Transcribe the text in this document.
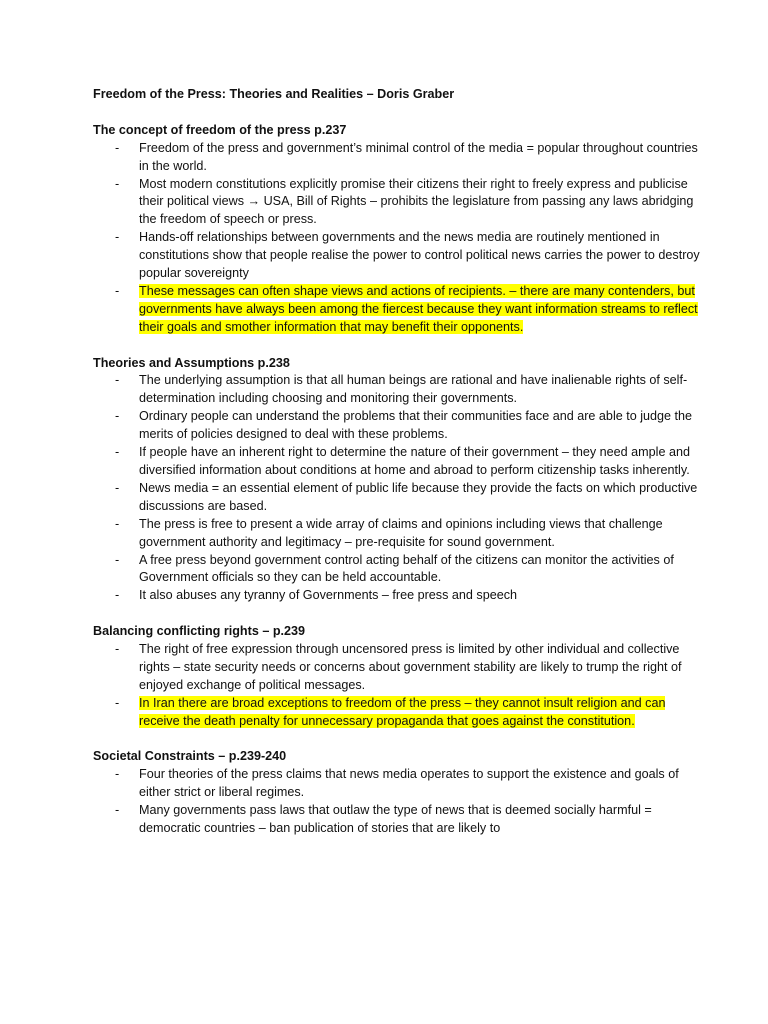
Freedom of the Press: Theories and Realities – Doris Graber
The concept of freedom of the press p.237
- Freedom of the press and government’s minimal control of the media = popular throughout countries in the world.
- Most modern constitutions explicitly promise their citizens their right to freely express and publicise their political views → USA, Bill of Rights – prohibits the legislature from passing any laws abridging the freedom of speech or press.
- Hands-off relationships between governments and the news media are routinely mentioned in constitutions show that people realise the power to control political news carries the power to destroy popular sovereignty
- These messages can often shape views and actions of recipients. – there are many contenders, but governments have always been among the fiercest because they want information streams to reflect their goals and smother information that may benefit their opponents.
Theories and Assumptions p.238
- The underlying assumption is that all human beings are rational and have inalienable rights of self-determination including choosing and monitoring their governments.
- Ordinary people can understand the problems that their communities face and are able to judge the merits of policies designed to deal with these problems.
- If people have an inherent right to determine the nature of their government – they need ample and diversified information about conditions at home and abroad to perform citizenship tasks inherently.
- News media = an essential element of public life because they provide the facts on which productive discussions are based.
- The press is free to present a wide array of claims and opinions including views that challenge government authority and legitimacy – pre-requisite for sound government.
- A free press beyond government control acting behalf of the citizens can monitor the activities of Government officials so they can be held accountable.
- It also abuses any tyranny of Governments – free press and speech
Balancing conflicting rights – p.239
- The right of free expression through uncensored press is limited by other individual and collective rights – state security needs or concerns about government stability are likely to trump the right of enjoyed exchange of political messages.
- In Iran there are broad exceptions to freedom of the press – they cannot insult religion and can receive the death penalty for unnecessary propaganda that goes against the constitution.
Societal Constraints – p.239-240
- Four theories of the press claims that news media operates to support the existence and goals of either strict or liberal regimes.
- Many governments pass laws that outlaw the type of news that is deemed socially harmful = democratic countries – ban publication of stories that are likely to
